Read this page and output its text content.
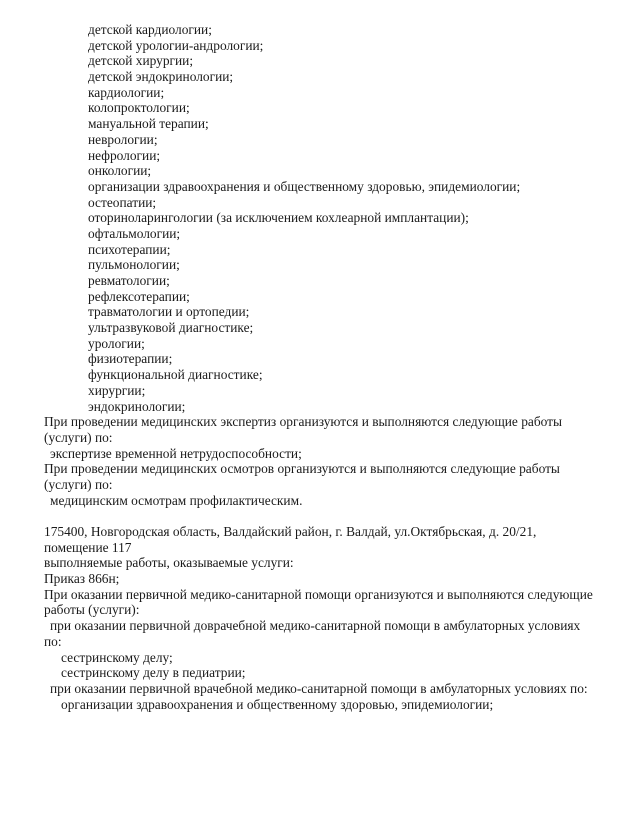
детской кардиологии;
детской урологии-андрологии;
детской хирургии;
детской эндокринологии;
кардиологии;
колопроктологии;
мануальной терапии;
неврологии;
нефрологии;
онкологии;
организации здравоохранения и общественному здоровью, эпидемиологии;
остеопатии;
оториноларингологии (за исключением кохлеарной имплантации);
офтальмологии;
психотерапии;
пульмонологии;
ревматологии;
рефлексотерапии;
травматологии и ортопедии;
ультразвуковой диагностике;
урологии;
физиотерапии;
функциональной диагностике;
хирургии;
эндокринологии;
При проведении медицинских экспертиз организуются и выполняются следующие работы
(услуги) по:
экспертизе временной нетрудоспособности;
При проведении медицинских осмотров организуются и выполняются следующие работы
(услуги) по:
медицинским осмотрам профилактическим.

175400, Новгородская область, Валдайский район, г. Валдай, ул.Октябрьская, д. 20/21,
помещение 117
выполняемые работы, оказываемые услуги:
Приказ 866н;
При оказании первичной медико-санитарной помощи организуются и выполняются следующие
работы (услуги):
при оказании первичной доврачебной медико-санитарной помощи в амбулаторных условиях
по:
сестринскому делу;
сестринскому делу в педиатрии;
при оказании первичной врачебной медико-санитарной помощи в амбулаторных условиях по:
организации здравоохранения и общественному здоровью, эпидемиологии;
